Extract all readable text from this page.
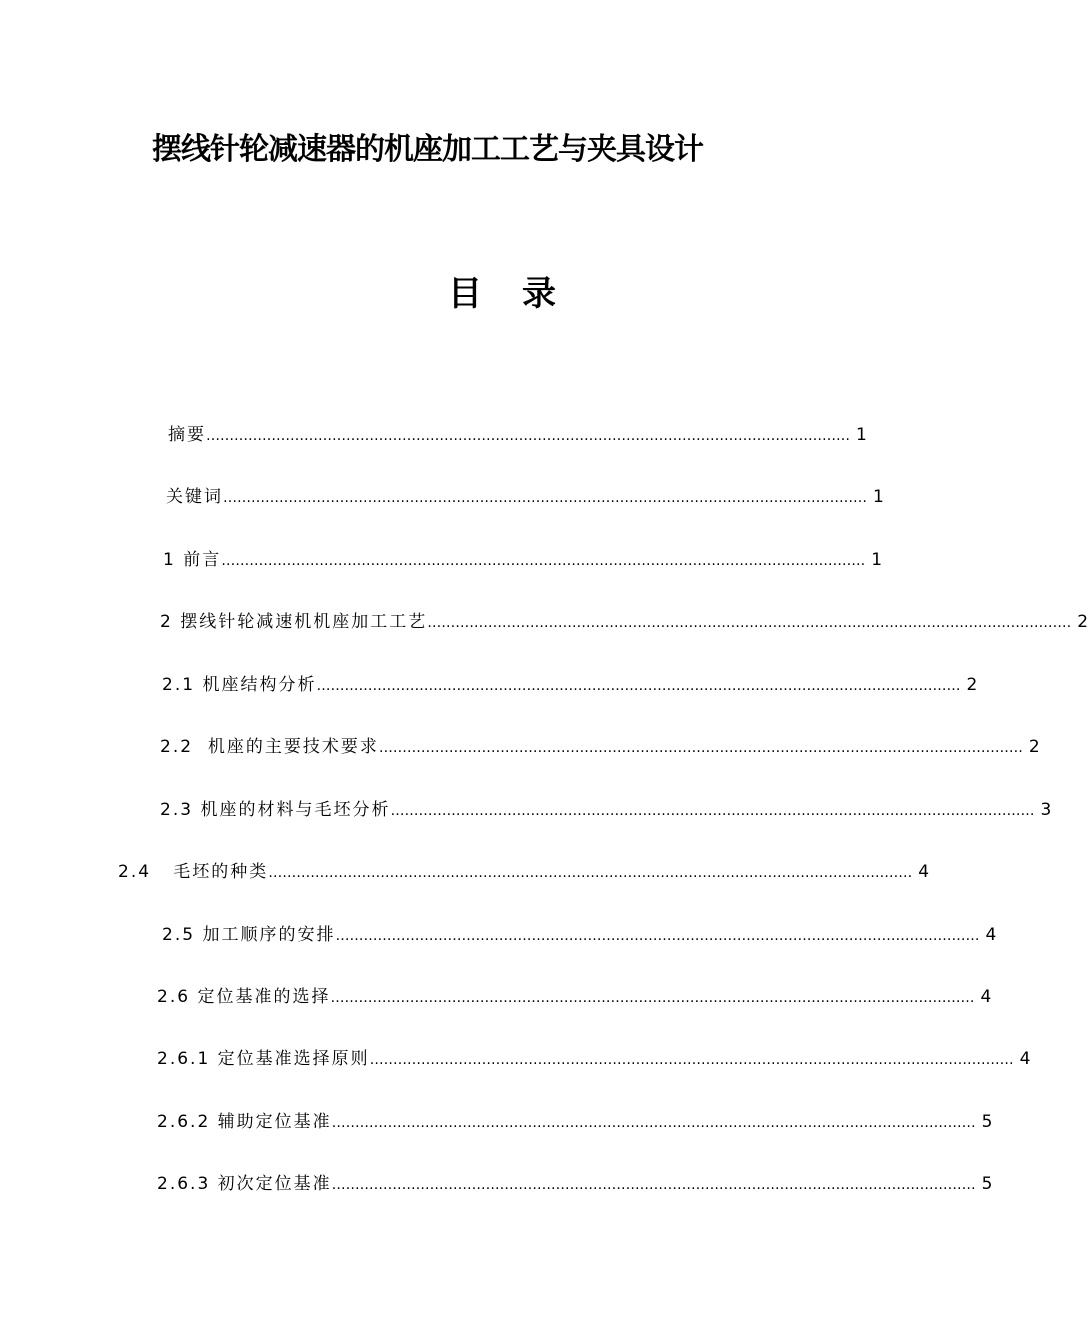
摆线针轮减速器的机座加工工艺与夹具设计
目 录
摘要 ………………………………………………………………………………………………………………………… 1
关键词 ………………………………………………………………………………………………………………………… 1
1 前言 ………………………………………………………………………………………………………………………… 1
2 摆线针轮减速机机座加工工艺 ………………………………………………………………………………………………………………………… 2
2.1 机座结构分析 ………………………………………………………………………………………………………………………… 2
2.2  机座的主要技术要求 ………………………………………………………………………………………………………………………… 2
2.3 机座的材料与毛坯分析 ………………………………………………………………………………………………………………………… 3
2.4   毛坯的种类 ………………………………………………………………………………………………………………………… 4
2.5 加工顺序的安排 ………………………………………………………………………………………………………………………… 4
2.6 定位基准的选择 ………………………………………………………………………………………………………………………… 4
2.6.1 定位基准选择原则 ………………………………………………………………………………………………………………………… 4
2.6.2 辅助定位基准 ………………………………………………………………………………………………………………………… 5
2.6.3 初次定位基准 ………………………………………………………………………………………………………………………… 5
